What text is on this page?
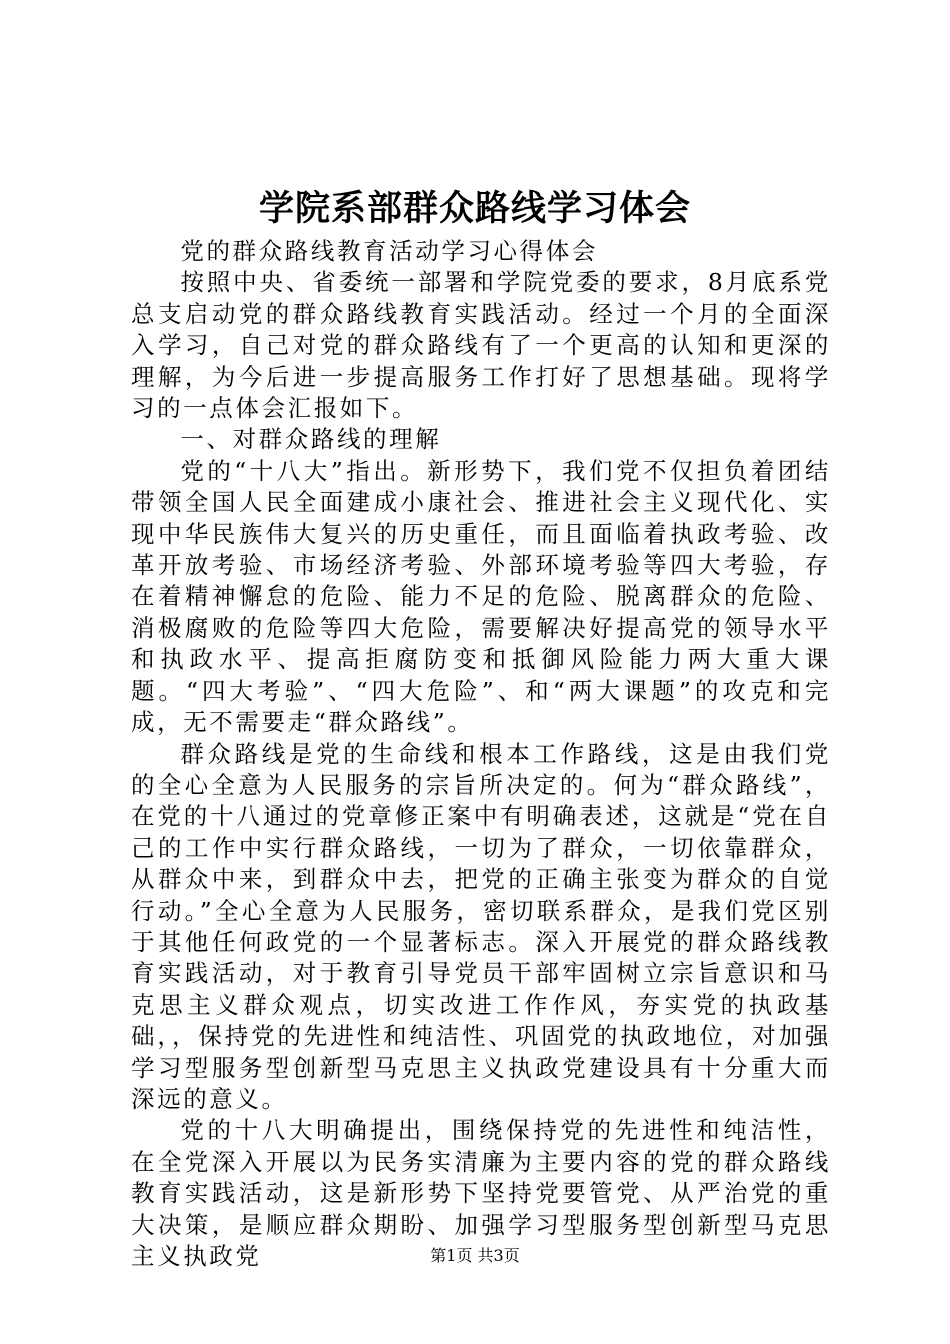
学院系部群众路线学习体会

党的群众路线教育活动学习心得体会

按照中央、省委统一部署和学院党委的要求，8月底系党总支启动党的群众路线教育实践活动。经过一个月的全面深入学习，自己对党的群众路线有了一个更高的认知和更深的理解，为今后进一步提高服务工作打好了思想基础。现将学习的一点体会汇报如下。

一、对群众路线的理解

党的“十八大”指出。新形势下，我们党不仅担负着团结带领全国人民全面建成小康社会、推进社会主义现代化、实现中华民族伟大复兴的历史重任，而且面临着执政考验、改革开放考验、市场经济考验、外部环境考验等四大考验，存在着精神懈怠的危险、能力不足的危险、脱离群众的危险、消极腐败的危险等四大危险，需要解决好提高党的领导水平和执政水平、提高拒腐防变和抵御风险能力两大重大课题。“四大考验”、“四大危险”、和“两大课题”的攻克和完成，无不需要走“群众路线”。

群众路线是党的生命线和根本工作路线，这是由我们党的全心全意为人民服务的宗旨所决定的。何为“群众路线”，在党的十八通过的党章修正案中有明确表述，这就是“党在自己的工作中实行群众路线，一切为了群众，一切依靠群众，从群众中来，到群众中去，把党的正确主张变为群众的自觉行动。”全心全意为人民服务，密切联系群众，是我们党区别于其他任何政党的一个显著标志。深入开展党的群众路线教育实践活动，对于教育引导党员干部牢固树立宗旨意识和马克思主义群众观点，切实改进工作作风，夯实党的执政基础，，保持党的先进性和纯洁性、巩固党的执政地位，对加强学习型服务型创新型马克思主义执政党建设具有十分重大而深远的意义。

党的十八大明确提出，围绕保持党的先进性和纯洁性，在全党深入开展以为民务实清廉为主要内容的党的群众路线教育实践活动，这是新形势下坚持党要管党、从严治党的重大决策，是顺应群众期盼、加强学习型服务型创新型马克思主义执政党	第1页 共3页
